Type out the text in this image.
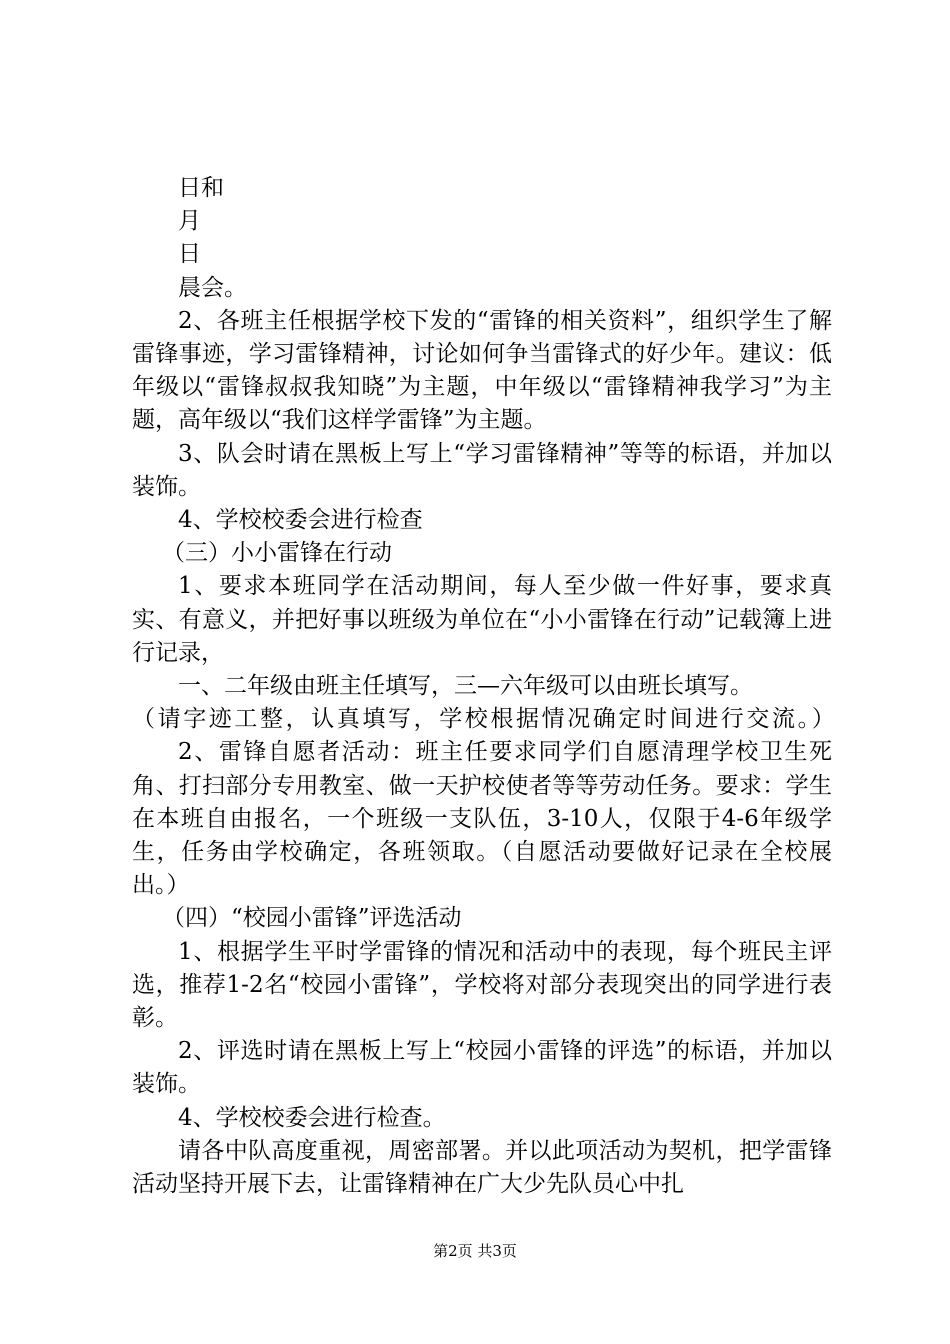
日和

月

日

晨会。

2、各班主任根据学校下发的“雷锋的相关资料”，组织学生了解雷锋事迹，学习雷锋精神，讨论如何争当雷锋式的好少年。建议：低年级以“雷锋叔叔我知晓”为主题，中年级以“雷锋精神我学习”为主题，高年级以“我们这样学雷锋”为主题。

3、队会时请在黑板上写上“学习雷锋精神”等等的标语，并加以装饰。

4、学校校委会进行检查

（三）小小雷锋在行动

1、要求本班同学在活动期间，每人至少做一件好事，要求真实、有意义，并把好事以班级为单位在“小小雷锋在行动”记载簿上进行记录，

一、二年级由班主任填写，三—六年级可以由班长填写。

（请字迹工整，认真填写，学校根据情况确定时间进行交流。）

2、雷锋自愿者活动：班主任要求同学们自愿清理学校卫生死角、打扫部分专用教室、做一天护校使者等等劳动任务。要求：学生在本班自由报名，一个班级一支队伍，3-10人，仅限于4-6年级学生，任务由学校确定，各班领取。（自愿活动要做好记录在全校展出。）

（四）“校园小雷锋”评选活动

1、根据学生平时学雷锋的情况和活动中的表现，每个班民主评选，推荐1-2名“校园小雷锋”，学校将对部分表现突出的同学进行表彰。

2、评选时请在黑板上写上“校园小雷锋的评选”的标语，并加以装饰。

4、学校校委会进行检查。

请各中队高度重视，周密部署。并以此项活动为契机，把学雷锋活动坚持开展下去，让雷锋精神在广大少先队员心中扎

第2页 共3页
